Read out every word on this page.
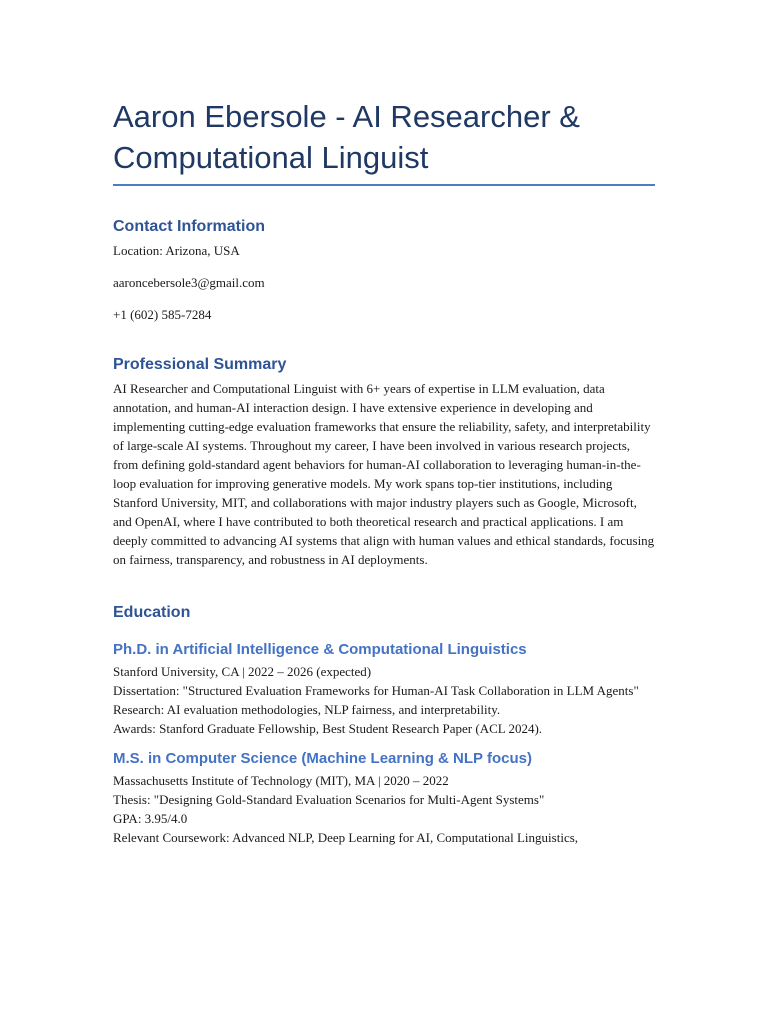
Aaron Ebersole - AI Researcher & Computational Linguist
Contact Information

Location: Arizona, USA

aaroncebersole3@gmail.com

+1 (602) 585-7284

Professional Summary

AI Researcher and Computational Linguist with 6+ years of expertise in LLM evaluation, data annotation, and human-AI interaction design. I have extensive experience in developing and implementing cutting-edge evaluation frameworks that ensure the reliability, safety, and interpretability of large-scale AI systems. Throughout my career, I have been involved in various research projects, from defining gold-standard agent behaviors for human-AI collaboration to leveraging human-in-the-loop evaluation for improving generative models. My work spans top-tier institutions, including Stanford University, MIT, and collaborations with major industry players such as Google, Microsoft, and OpenAI, where I have contributed to both theoretical research and practical applications. I am deeply committed to advancing AI systems that align with human values and ethical standards, focusing on fairness, transparency, and robustness in AI deployments.

Education
Ph.D. in Artificial Intelligence & Computational Linguistics

Stanford University, CA | 2022 – 2026 (expected)

Dissertation: "Structured Evaluation Frameworks for Human-AI Task Collaboration in LLM Agents"

Research: AI evaluation methodologies, NLP fairness, and interpretability.

Awards: Stanford Graduate Fellowship, Best Student Research Paper (ACL 2024).

M.S. in Computer Science (Machine Learning & NLP focus)

Massachusetts Institute of Technology (MIT), MA | 2020 – 2022

Thesis: "Designing Gold-Standard Evaluation Scenarios for Multi-Agent Systems"

GPA: 3.95/4.0

Relevant Coursework: Advanced NLP, Deep Learning for AI, Computational Linguistics,
